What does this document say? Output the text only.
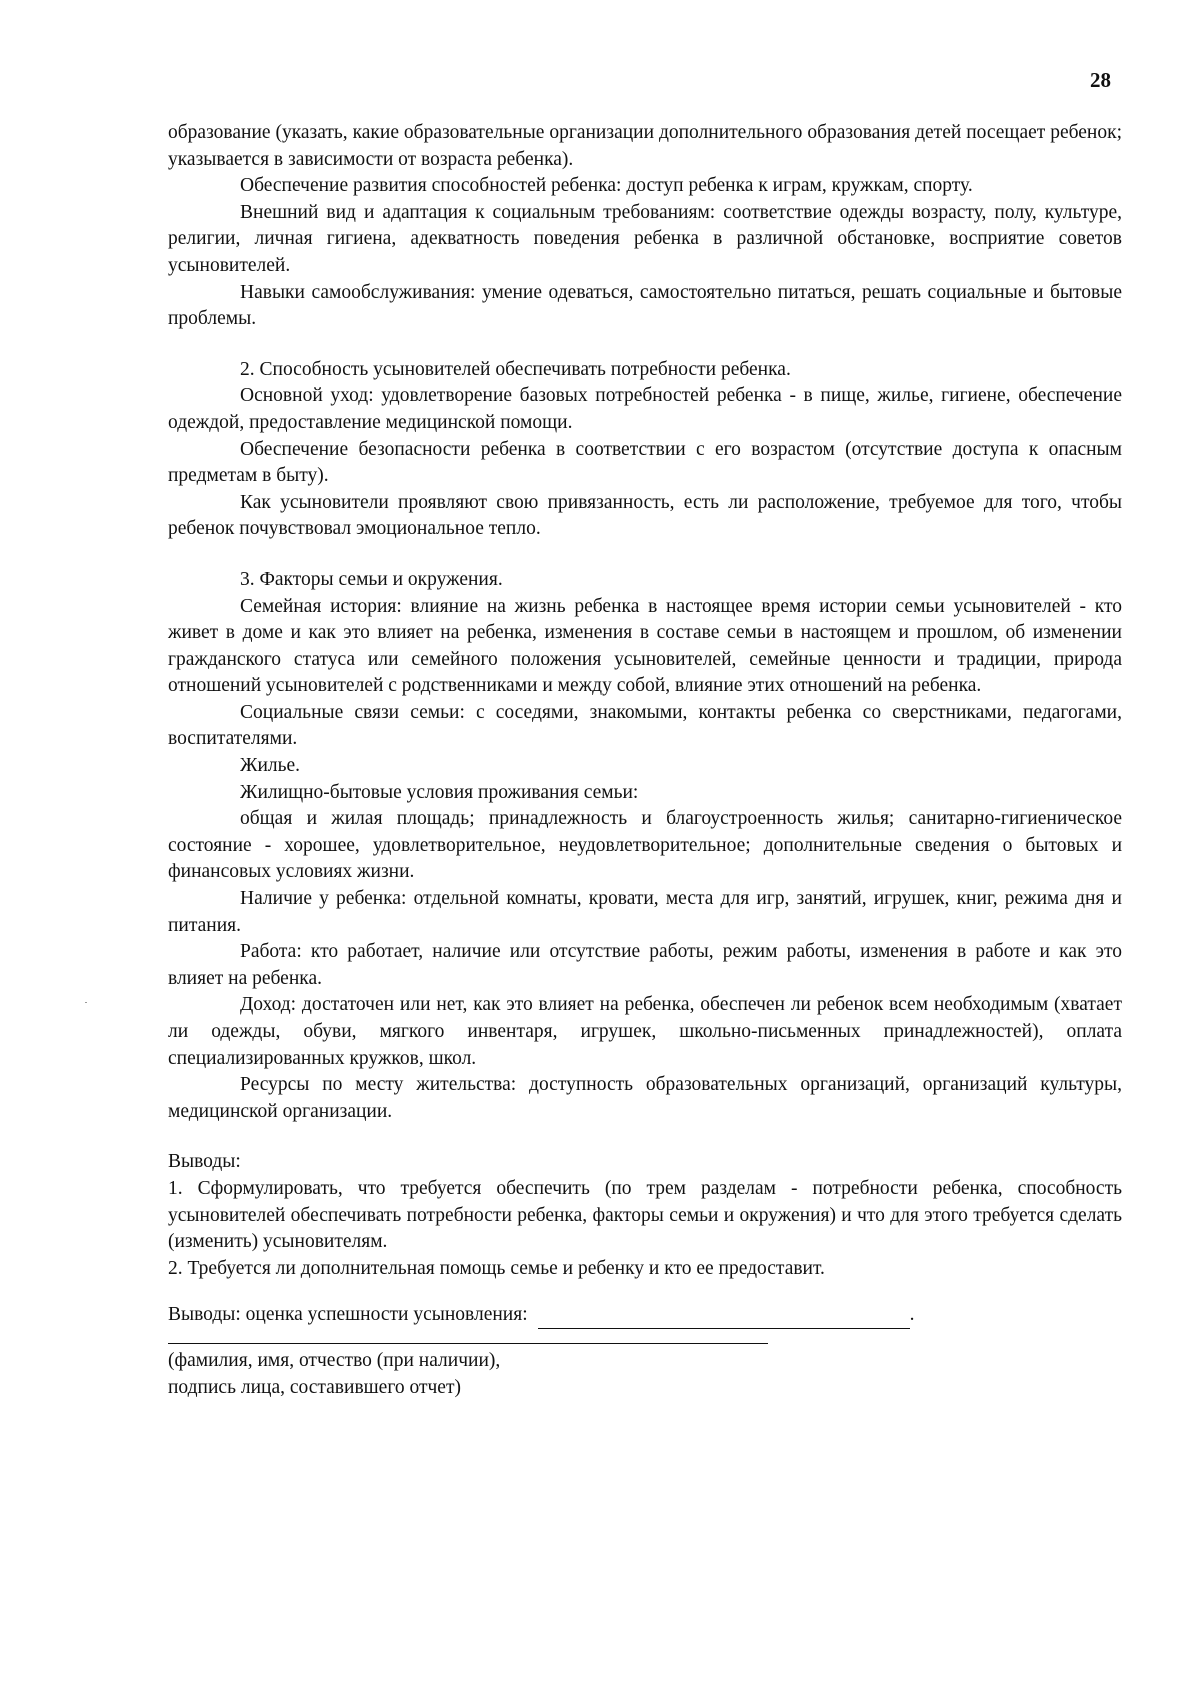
28

образование (указать, какие образовательные организации дополнительного образования детей посещает ребенок; указывается в зависимости от возраста ребенка).

Обеспечение развития способностей ребенка: доступ ребенка к играм, кружкам, спорту.

Внешний вид и адаптация к социальным требованиям: соответствие одежды возрасту, полу, культуре, религии, личная гигиена, адекватность поведения ребенка в различной обстановке, восприятие советов усыновителей.

Навыки самообслуживания: умение одеваться, самостоятельно питаться, решать социальные и бытовые проблемы.

2. Способность усыновителей обеспечивать потребности ребенка.

Основной уход: удовлетворение базовых потребностей ребенка - в пище, жилье, гигиене, обеспечение одеждой, предоставление медицинской помощи.

Обеспечение безопасности ребенка в соответствии с его возрастом (отсутствие доступа к опасным предметам в быту).

Как усыновители проявляют свою привязанность, есть ли расположение, требуемое для того, чтобы ребенок почувствовал эмоциональное тепло.

3. Факторы семьи и окружения.

Семейная история: влияние на жизнь ребенка в настоящее время истории семьи усыновителей - кто живет в доме и как это влияет на ребенка, изменения в составе семьи в настоящем и прошлом, об изменении гражданского статуса или семейного положения усыновителей, семейные ценности и традиции, природа отношений усыновителей с родственниками и между собой, влияние этих отношений на ребенка.

Социальные связи семьи: с соседями, знакомыми, контакты ребенка со сверстниками, педагогами, воспитателями.

Жилье.

Жилищно-бытовые условия проживания семьи:

общая и жилая площадь; принадлежность и благоустроенность жилья; санитарно-гигиеническое состояние - хорошее, удовлетворительное, неудовлетворительное; дополнительные сведения о бытовых и финансовых условиях жизни.

Наличие у ребенка: отдельной комнаты, кровати, места для игр, занятий, игрушек, книг, режима дня и питания.

Работа: кто работает, наличие или отсутствие работы, режим работы, изменения в работе и как это влияет на ребенка.

Доход: достаточен или нет, как это влияет на ребенка, обеспечен ли ребенок всем необходимым (хватает ли одежды, обуви, мягкого инвентаря, игрушек, школьно-письменных принадлежностей), оплата специализированных кружков, школ.

Ресурсы по месту жительства: доступность образовательных организаций, организаций культуры, медицинской организации.

Выводы:

1. Сформулировать, что требуется обеспечить (по трем разделам - потребности ребенка, способность усыновителей обеспечивать потребности ребенка, факторы семьи и окружения) и что для этого требуется сделать (изменить) усыновителям.

2. Требуется ли дополнительная помощь семье и ребенку и кто ее предоставит.

Выводы: оценка успешности усыновления:	.

(фамилия, имя, отчество (при наличии),

подпись лица, составившего отчет)
